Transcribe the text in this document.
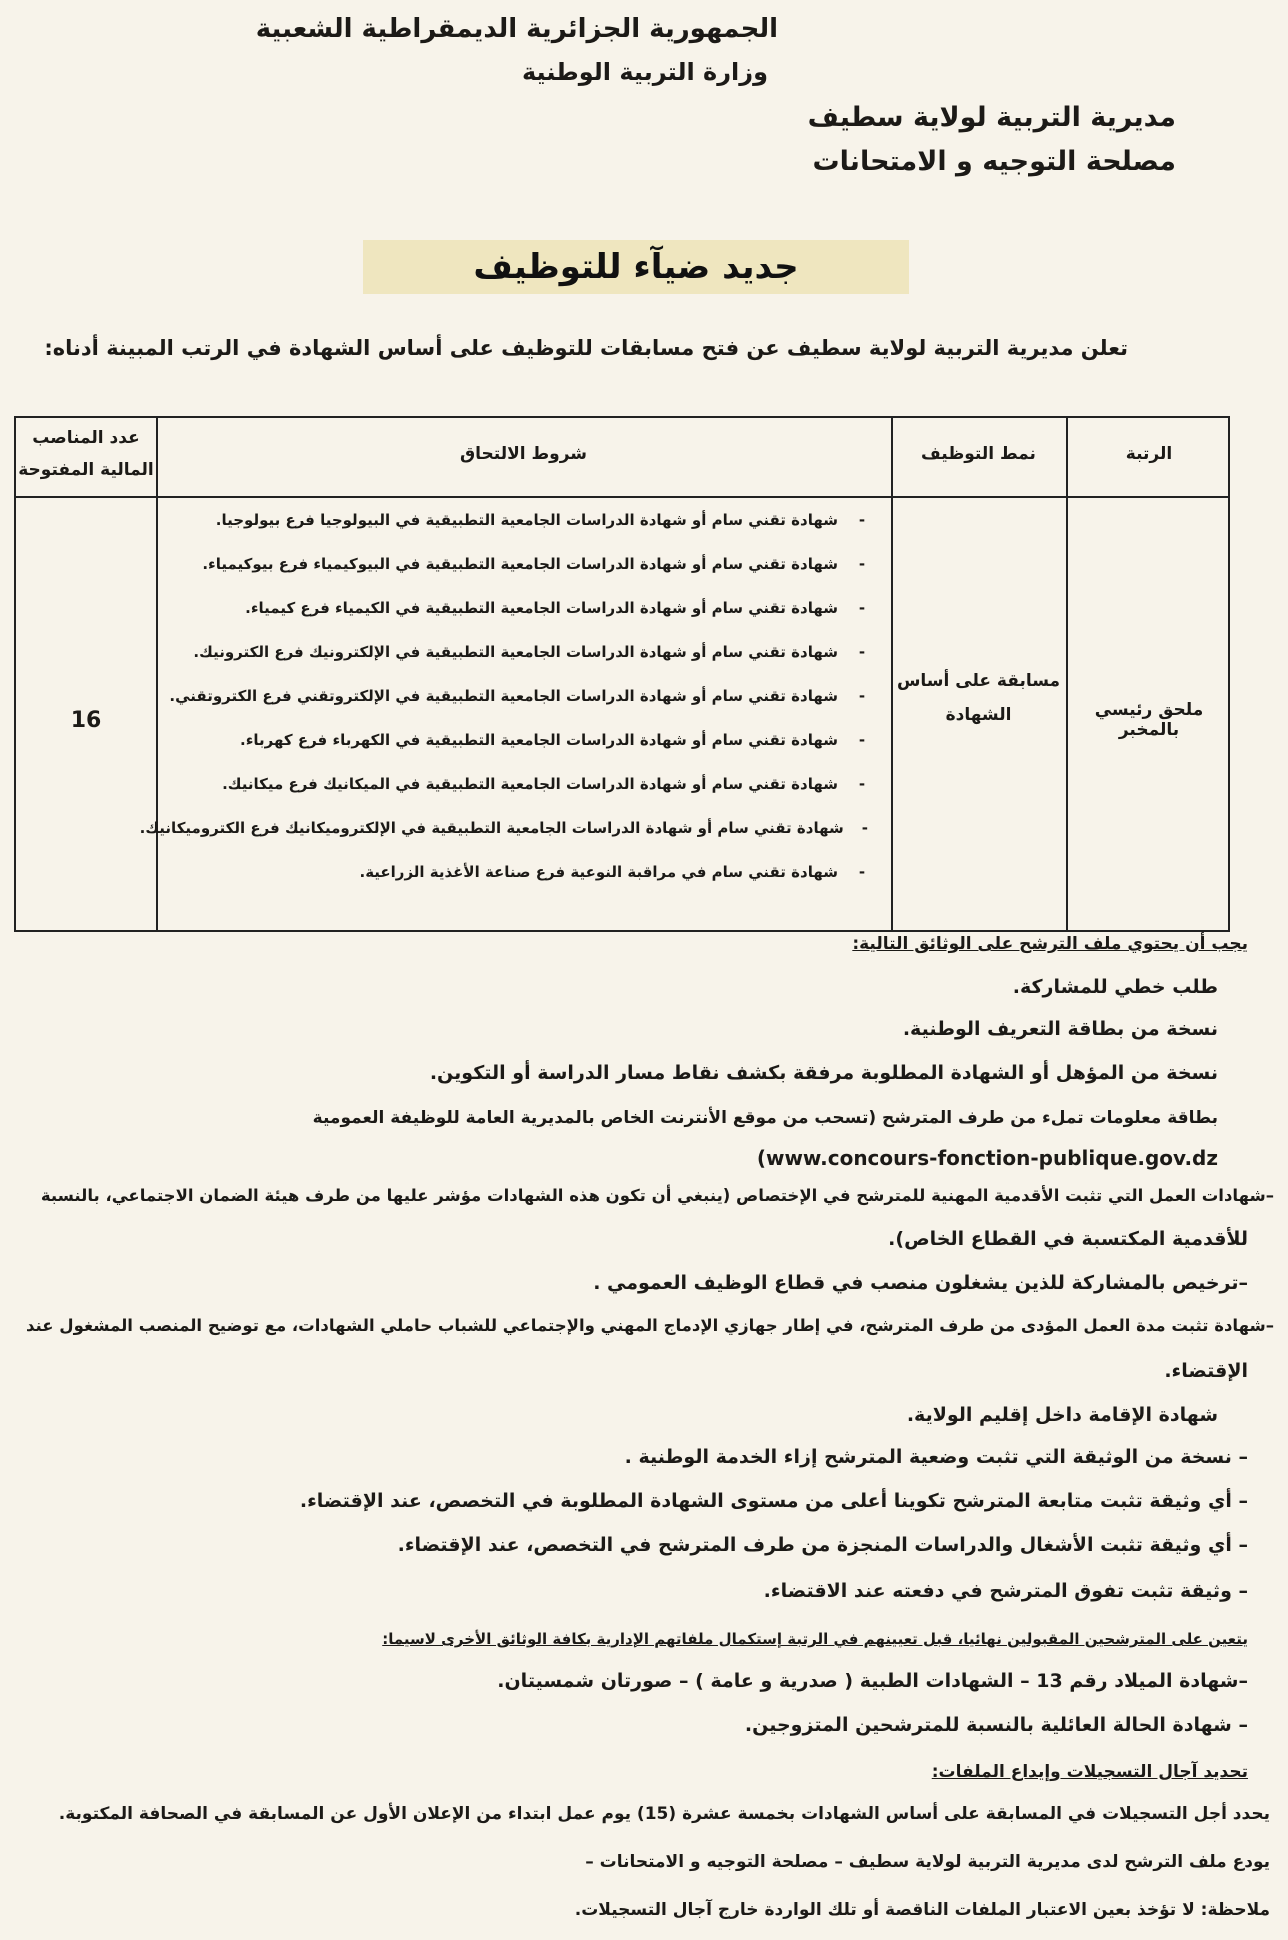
الجمهورية الجزائرية الديمقراطية الشعبية
وزارة التربية الوطنية
مديرية التربية لولاية سطيف
مصلحة التوجيه و الامتحانات
جديد ضيآء للتوظيف
تعلن مديرية التربية لولاية سطيف عن فتح مسابقات للتوظيف على أساس الشهادة في الرتب المبينة أدناه:
الرتبة
نمط التوظيف
شروط الالتحاق
عدد المناصب
المالية المفتوحة
ملحق رئيسي بالمخبر
مسابقة على أساس
الشهادة
16
شهادة تقني سام أو شهادة الدراسات الجامعية التطبيقية في البيولوجيا فرع بيولوجيا. -
شهادة تقني سام أو شهادة الدراسات الجامعية التطبيقية في البيوكيمياء فرع بيوكيمياء. -
شهادة تقني سام أو شهادة الدراسات الجامعية التطبيقية في الكيمياء فرع كيمياء. -
شهادة تقني سام أو شهادة الدراسات الجامعية التطبيقية في الإلكترونيك فرع الكترونيك. -
شهادة تقني سام أو شهادة الدراسات الجامعية التطبيقية في الإلكتروتقني فرع الكتروتقني. -
شهادة تقني سام أو شهادة الدراسات الجامعية التطبيقية في الكهرباء فرع كهرباء. -
شهادة تقني سام أو شهادة الدراسات الجامعية التطبيقية في الميكانيك فرع ميكانيك. -
شهادة تقني سام أو شهادة الدراسات الجامعية التطبيقية في الإلكتروميكانيك فرع الكتروميكانيك. -
شهادة تقني سام في مراقبة النوعية فرع صناعة الأغذية الزراعية. -
يجب أن يحتوي ملف الترشح على الوثائق التالية:
طلب خطي للمشاركة.
نسخة من بطاقة التعريف الوطنية.
نسخة من المؤهل أو الشهادة المطلوبة مرفقة بكشف نقاط مسار الدراسة أو التكوين.
بطاقة معلومات تملء من طرف المترشح (تسحب من موقع الأنترنت الخاص بالمديرية العامة للوظيفة العمومية
(www.concours-fonction-publique.gov.dz
–شهادات العمل التي تثبت الأقدمية المهنية للمترشح في الإختصاص (ينبغي أن تكون هذه الشهادات مؤشر عليها من طرف هيئة الضمان الاجتماعي، بالنسبة
للأقدمية المكتسبة في القطاع الخاص).
–ترخيص بالمشاركة للذين يشغلون منصب في قطاع الوظيف العمومي .
–شهادة تثبت مدة العمل المؤدى من طرف المترشح، في إطار جهازي الإدماج المهني والإجتماعي للشباب حاملي الشهادات، مع توضيح المنصب المشغول عند
الإقتضاء.
شهادة الإقامة داخل إقليم الولاية.
– نسخة من الوثيقة التي تثبت وضعية المترشح إزاء الخدمة الوطنية .
– أي وثيقة تثبت متابعة المترشح تكوينا أعلى من مستوى الشهادة المطلوبة في التخصص، عند الإقتضاء.
– أي وثيقة تثبت الأشغال والدراسات المنجزة من طرف المترشح في التخصص، عند الإقتضاء.
– وثيقة تثبت تفوق المترشح في دفعته عند الاقتضاء.
يتعين على المترشحين المقبولين نهائيا، قبل تعيينهم في الرتبة إستكمال ملفاتهم الإدارية بكافة الوثائق الأخرى لاسيما:
–شهادة الميلاد رقم 13 – الشهادات الطبية ( صدرية و عامة ) – صورتان شمسيتان.
– شهادة الحالة العائلية بالنسبة للمترشحين المتزوجين.
تحديد آجال التسجيلات وإيداع الملفات:
يحدد أجل التسجيلات في المسابقة على أساس الشهادات بخمسة عشرة (15) يوم عمل ابتداء من الإعلان الأول عن المسابقة في الصحافة المكتوبة.
يودع ملف الترشح لدى مديرية التربية لولاية سطيف – مصلحة التوجيه و الامتحانات –
ملاحظة: لا تؤخذ بعين الاعتبار الملفات الناقصة أو تلك الواردة خارج آجال التسجيلات.
